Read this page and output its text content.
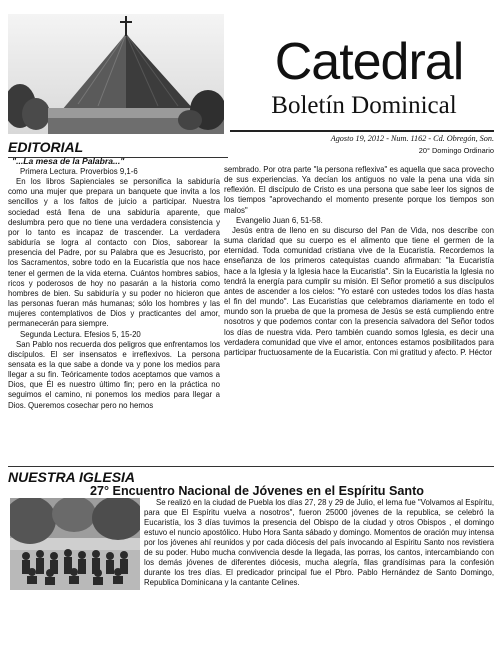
Catedral
Boletín Dominical
Agosto 19, 2012 - Num. 1162 - Cd. Obregón, Son.
20° Domingo Ordinario
EDITORIAL
"...La mesa de la Palabra..."

Primera Lectura. Proverbios 9,1-6

En los libros Sapienciales se personifica la sabiduría como una mujer que prepara un banquete que invita a los sencillos y a los faltos de juicio a participar. Nuestra sociedad está llena de una sabiduría aparente, que deslumbra pero que no tiene una verdadera consistencia y por lo tanto es incapaz de trascender. La verdadera sabiduría se logra al contacto con Dios, saborear la presencia del Padre, por su Palabra que es Jesucristo, por los Sacramentos, sobre todo en la Eucaristía que nos hace tener el germen de la vida eterna. Cuántos hombres sabios, ricos y poderosos de hoy no pasarán a la historia como hombres de bien. Su sabiduría y su poder no hicieron que las personas fueran más humanas; sólo los hombres y las mujeres contemplativos de Dios y practicantes del amor, permanecerán para siempre.

Segunda Lectura. Efesios 5, 15-20

San Pablo nos recuerda dos peligros que enfrentamos los discípulos. El ser insensatos e irreflexivos. La persona sensata es la que sabe a donde va y pone los medios para llegar a su fin. Teóricamente todos aceptamos que vamos a Dios, que Él es nuestro último fin; pero en la práctica no seguimos el camino, ni ponemos los medios para llegar a Dios. Queremos cosechar pero no hemos

sembrado. Por otra parte "la persona reflexiva" es aquella que saca provecho de sus experiencias. Ya decían los antiguos no vale la pena una vida sin reflexión. El discípulo de Cristo es una persona que sabe leer los signos de los tiempos "aprovechando el momento presente porque los tiempos son malos"

Evangelio Juan 6, 51-58.

Jesús entra de lleno en su discurso del Pan de Vida, nos describe con suma claridad que su cuerpo es el alimento que tiene el germen de la eternidad. Toda comunidad cristiana vive de la Eucaristía. Recordemos la enseñanza de los primeros catequistas cuando afirmaban: "la Eucaristía hace a la Iglesia y la Iglesia hace la Eucaristía". Sin la Eucaristía la Iglesia no tendrá la energía para cumplir su misión. El Señor prometió a sus discípulos antes de ascender a los cielos: "Yo estaré con ustedes todos los días hasta el fin del mundo". Las Eucaristías que celebramos diariamente en todo el mundo son la prueba de que la promesa de Jesús se está cumpliendo entre nosotros y que podemos contar con la presencia salvadora del Señor todos los días de nuestra vida. Pero también cuando somos Iglesia, es decir una verdadera comunidad que vive el amor, entonces estamos posibilitados para participar fructuosamente de la Eucaristía. Con mi gratitud y afecto. P. Héctor

NUESTRA IGLESIA
27° Encuentro Nacional de Jóvenes en el Espíritu Santo

Se realizó en la ciudad de Puebla los días 27, 28 y 29 de Julio, el lema fue "Volvamos al Espíritu, para que El Espíritu vuelva a nosotros", fueron 25000 jóvenes de la republica, se celebró la Eucaristía, los 3 días tuvimos la presencia del Obispo de la ciudad y otros Obispos , el domingo estuvo el nuncio apostólico. Hubo Hora Santa sábado y domingo. Momentos de oración muy intensa por los jóvenes ahí reunidos y por cada diócesis del país invocando al Espíritu Santo nos revistiera de su poder. Hubo mucha convivencia desde la llegada, las porras, los cantos, intercambiando con los demás jóvenes de diferentes diócesis, mucha alegría, filas grandísimas para la confesión durante los tres días. El predicador principal fue el Pbro. Pablo Hernández de Santo Domingo, Republica Dominicana y la cantante Celines.
